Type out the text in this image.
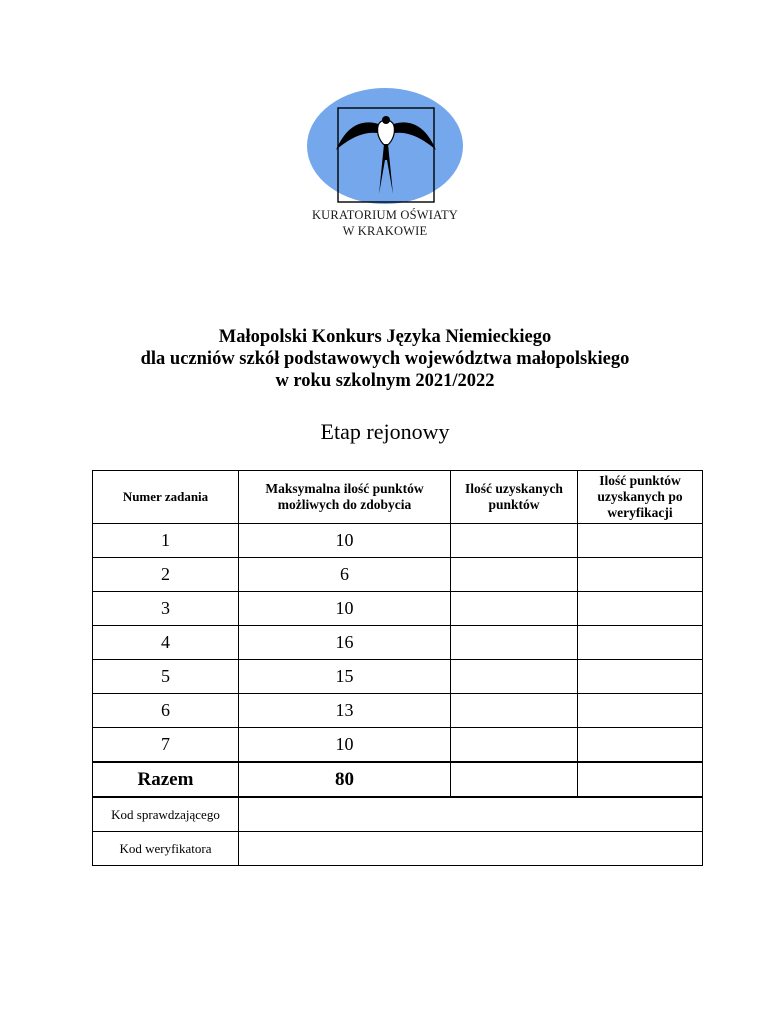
KURATORIUM OŚWIATY
W KRAKOWIE
Małopolski Konkurs Języka Niemieckiego
dla uczniów szkół podstawowych województwa małopolskiego
w roku szkolnym 2021/2022
Etap rejonowy
Numer zadania	Maksymalna ilość punktów możliwych do zdobycia	Ilość uzyskanych punktów	Ilość punktów uzyskanych po weryfikacji
1	10		
2	6		
3	10		
4	16		
5	15		
6	13		
7	10		
Razem	80		
Kod sprawdzającego			
Kod weryfikatora			
